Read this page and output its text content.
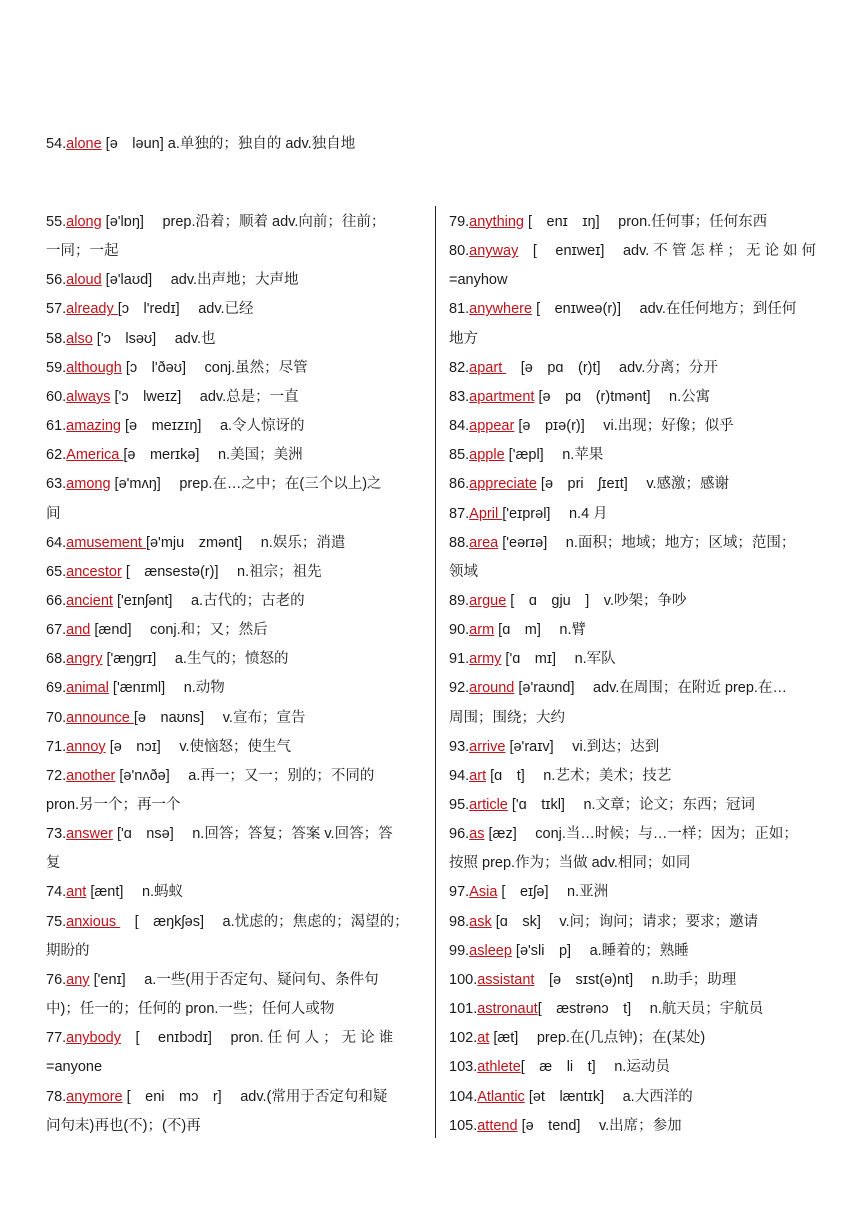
54.alone [ə　ləun] a.单独的；独自的 adv.独自地
55.along [ə'lɒŋ]　 prep.沿着；顺着 adv.向前；往前；
一同；一起
56.aloud [ə'laʊd]　 adv.出声地；大声地
57.already [ɔ　l'redɪ]　 adv.已经
58.also ['ɔ　lsəʊ]　 adv.也
59.although [ɔ　l'ðəʊ]　 conj.虽然；尽管
60.always ['ɔ　lweɪz]　 adv.总是；一直
61.amazing [ə　meɪzɪŋ]　 a.令人惊讶的
62.America [ə　merɪkə]　 n.美国；美洲
63.among [ə'mʌŋ]　 prep.在…之中；在(三个以上)之
间
64.amusement [ə'mju　zmənt]　 n.娱乐；消遣
65.ancestor [　ænsestə(r)]　 n.祖宗；祖先
66.ancient ['eɪnʃənt]　 a.古代的；古老的
67.and [ænd]　 conj.和；又；然后
68.angry ['æŋgrɪ]　 a.生气的；愤怒的
69.animal ['ænɪml]　 n.动物
70.announce [ə　naʊns]　 v.宣布；宣告
71.annoy [ə　nɔɪ]　 v.使恼怒；使生气
72.another [ə'nʌðə]　 a.再一；又一；别的；不同的
pron.另一个；再一个
73.answer ['ɑ　nsə]　 n.回答；答复；答案 v.回答；答
复
74.ant [ænt]　 n.蚂蚁
75.anxious 　[　æŋkʃəs]　 a.忧虑的；焦虑的；渴望的；
期盼的
76.any ['enɪ]　 a.一些(用于否定句、疑问句、条件句
中)；任一的；任何的 pron.一些；任何人或物
77.anybody　[　 enɪbɔdɪ]　 pron. 任 何 人 ； 无 论 谁
=anyone
78.anymore [　eni　mɔ　r]　 adv.(常用于否定句和疑
问句末)再也(不)；(不)再
79.anything [　enɪ　ɪŋ]　 pron.任何事；任何东西
80.anyway　[　 enɪweɪ]　 adv. 不 管 怎 样 ； 无 论 如 何
=anyhow
81.anywhere [　enɪweə(r)]　 adv.在任何地方；到任何
地方
82.apart 　[ə　pɑ　(r)t]　 adv.分离；分开
83.apartment [ə　pɑ　(r)tmənt]　 n.公寓
84.appear [ə　pɪə(r)]　 vi.出现；好像；似乎
85.apple ['æpl]　 n.苹果
86.appreciate [ə　pri　ʃɪeɪt]　 v.感激；感谢
87.April ['eɪprəl]　 n.4 月
88.area ['eərɪə]　 n.面积；地域；地方；区域；范围；
领域
89.argue [　ɑ　gju　]　v.吵架；争吵
90.arm [ɑ　m]　 n.臂
91.army ['ɑ　mɪ]　 n.军队
92.around [ə'raʊnd]　 adv.在周围；在附近 prep.在…
周围；围绕；大约
93.arrive [ə'raɪv]　 vi.到达；达到
94.art [ɑ　t]　 n.艺术；美术；技艺
95.article ['ɑ　tɪkl]　 n.文章；论文；东西；冠词
96.as [æz]　 conj.当…时候；与…一样；因为；正如；
按照 prep.作为；当做 adv.相同；如同
97.Asia [　eɪʃə]　 n.亚洲
98.ask [ɑ　sk]　 v.问；询问；请求；要求；邀请
99.asleep [ə'sli　p]　 a.睡着的；熟睡
100.assistant　[ə　sɪst(ə)nt]　 n.助手；助理
101.astronaut[　æstrənɔ　t]　 n.航天员；宇航员
102.at [æt]　 prep.在(几点钟)；在(某处)
103.athlete[　æ　li　t]　 n.运动员
104.Atlantic [ət　læntɪk]　 a.大西洋的
105.attend [ə　tend]　 v.出席；参加
